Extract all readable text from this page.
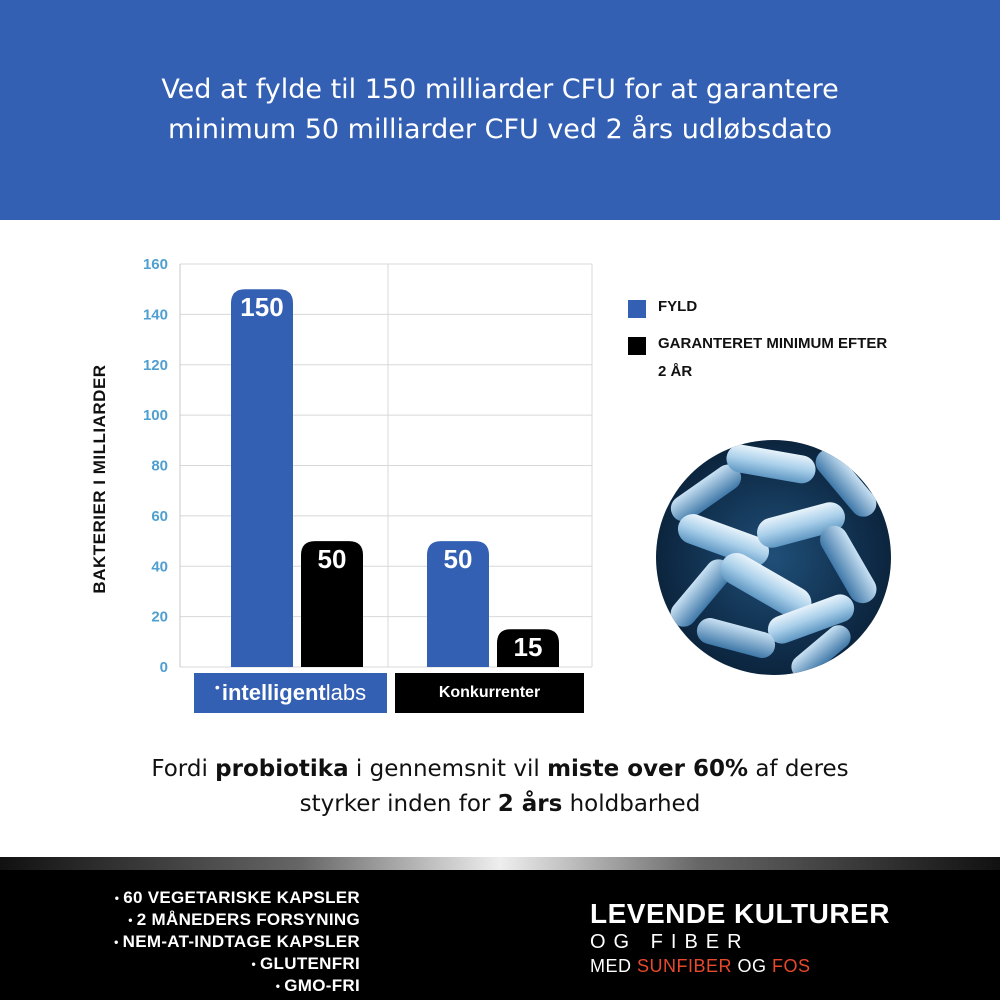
Ved at fylde til 150 milliarder CFU for at garantere
minimum 50 milliarder CFU ved 2 års udløbsdato
0
20
40
60
80
100
120
140
160
150
50
50
15
BAKTERIER I MILLIARDER
• intelligent labs	Konkurrenter
FYLD
GARANTERET MINIMUM EFTER 2 ÅR
Fordi probiotika i gennemsnit vil miste over 60% af deres
styrker inden for 2 års holdbarhed
• 60 VEGETARISKE KAPSLER
• 2 MÅNEDERS FORSYNING
• NEM-AT-INDTAGE KAPSLER
• GLUTENFRI
• GMO-FRI
LEVENDE KULTURER
OG FIBER
MED SUNFIBER OG FOS
